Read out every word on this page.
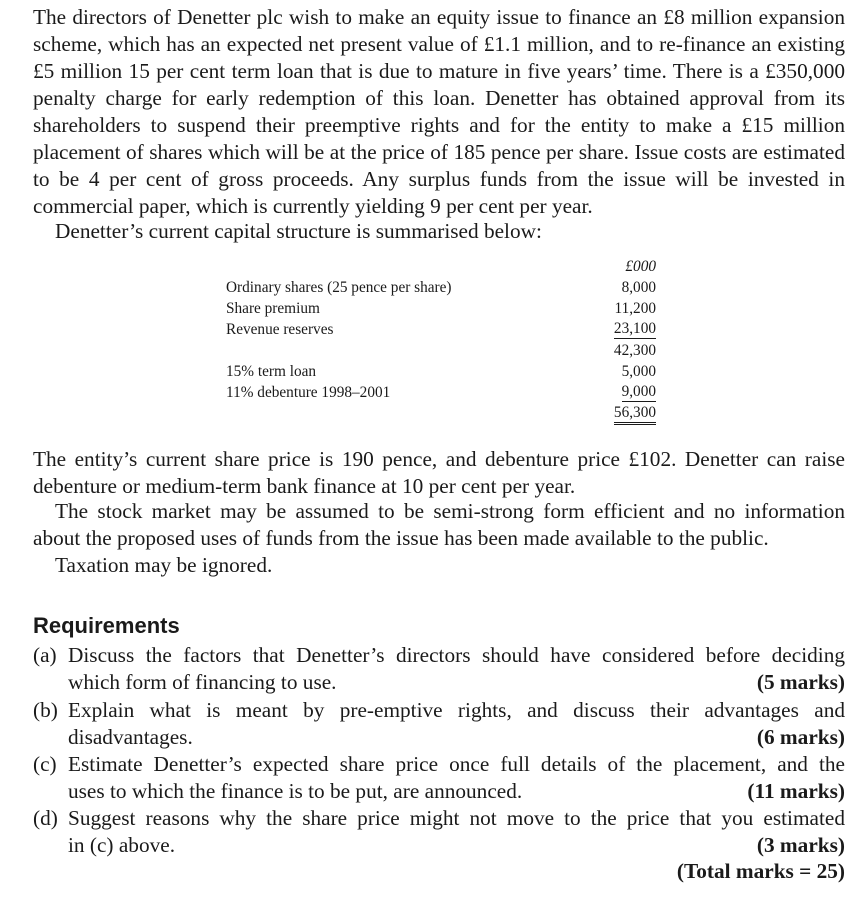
The directors of Denetter plc wish to make an equity issue to finance an £8 million expansion scheme, which has an expected net present value of £1.1 million, and to re-finance an existing £5 million 15 per cent term loan that is due to mature in five years’ time. There is a £350,000 penalty charge for early redemption of this loan. Denetter has obtained approval from its shareholders to suspend their preemptive rights and for the entity to make a £15 million placement of shares which will be at the price of 185 pence per share. Issue costs are estimated to be 4 per cent of gross proceeds. Any surplus funds from the issue will be invested in commercial paper, which is currently yielding 9 per cent per year.

Denetter’s current capital structure is summarised below:

£000
Ordinary shares (25 pence per share)	8,000
Share premium	11,200
Revenue reserves	23,100
42,300
15% term loan	5,000
11% debenture 1998–2001	9,000
56,300

The entity’s current share price is 190 pence, and debenture price £102. Denetter can raise debenture or medium-term bank finance at 10 per cent per year.

The stock market may be assumed to be semi-strong form efficient and no information about the proposed uses of funds from the issue has been made available to the public.

Taxation may be ignored.

Requirements
(a) Discuss the factors that Denetter’s directors should have considered before deciding
which form of financing to use.	(5 marks)
(b) Explain what is meant by pre-emptive rights, and discuss their advantages and
disadvantages.	(6 marks)
(c) Estimate Denetter’s expected share price once full details of the placement, and the
uses to which the finance is to be put, are announced.	(11 marks)
(d) Suggest reasons why the share price might not move to the price that you estimated
in (c) above.	(3 marks)
(Total marks = 25)
